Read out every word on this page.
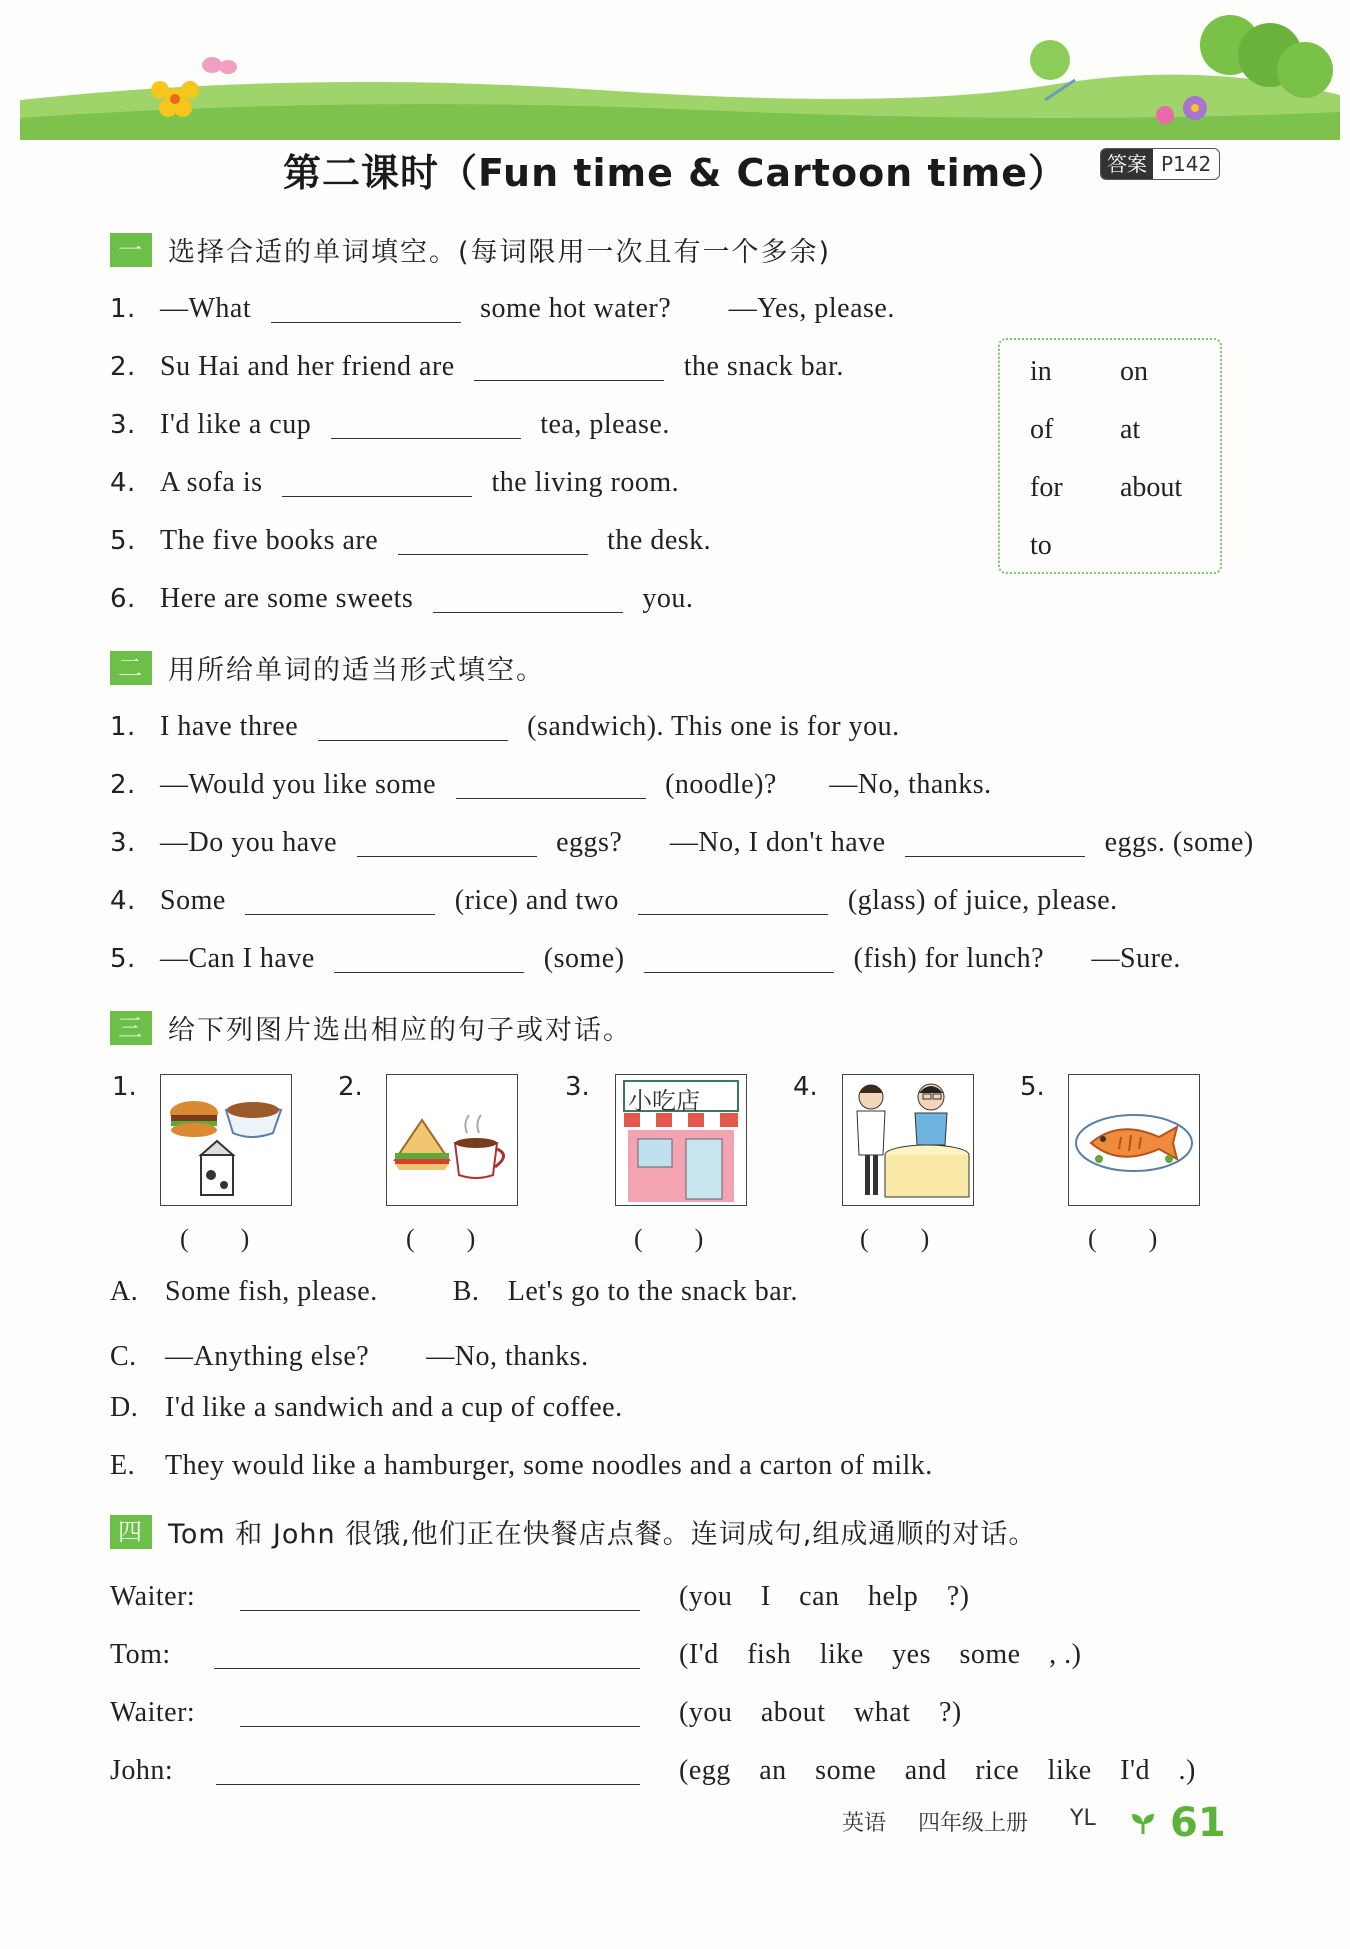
第二课时（Fun time & Cartoon time）	答案 P142
一 选择合适的单词填空。(每词限用一次且有一个多余)
1. —What	some hot water? —Yes, please.
2. Su Hai and her friend are	the snack bar.
3. I'd like a cup	tea, please.
4. A sofa is	the living room.
5. The five books are	the desk.
6. Here are some sweets	you.
in on
of at
for about
to
二 用所给单词的适当形式填空。
1. I have three	(sandwich). This one is for you.
2. —Would you like some	(noodle)? —No, thanks.
3. —Do you have	eggs? —No, I don't have	eggs. (some)
4. Some	(rice) and two	(glass) of juice, please.
5. —Can I have	(some)	(fish) for lunch? —Sure.
三 给下列图片选出相应的句子或对话。
1.	2.	3. 小吃店	4.	5.
(　　)	(　　)	(　　)	(　　)	(　　)
A. Some fish, please.	B. Let's go to the snack bar.
C. —Anything else?　　—No, thanks.
D. I'd like a sandwich and a cup of coffee.
E. They would like a hamburger, some noodles and a carton of milk.
四 Tom 和 John 很饿,他们正在快餐店点餐。连词成句,组成通顺的对话。
Waiter:	(you　I　can　help　?)
Tom:	(I'd　fish　like　yes　some　, .)
Waiter:	(you　about　what　?)
John:	(egg　an　some　and　rice　like　I'd　.)
英语 四年级上册 YL 61
